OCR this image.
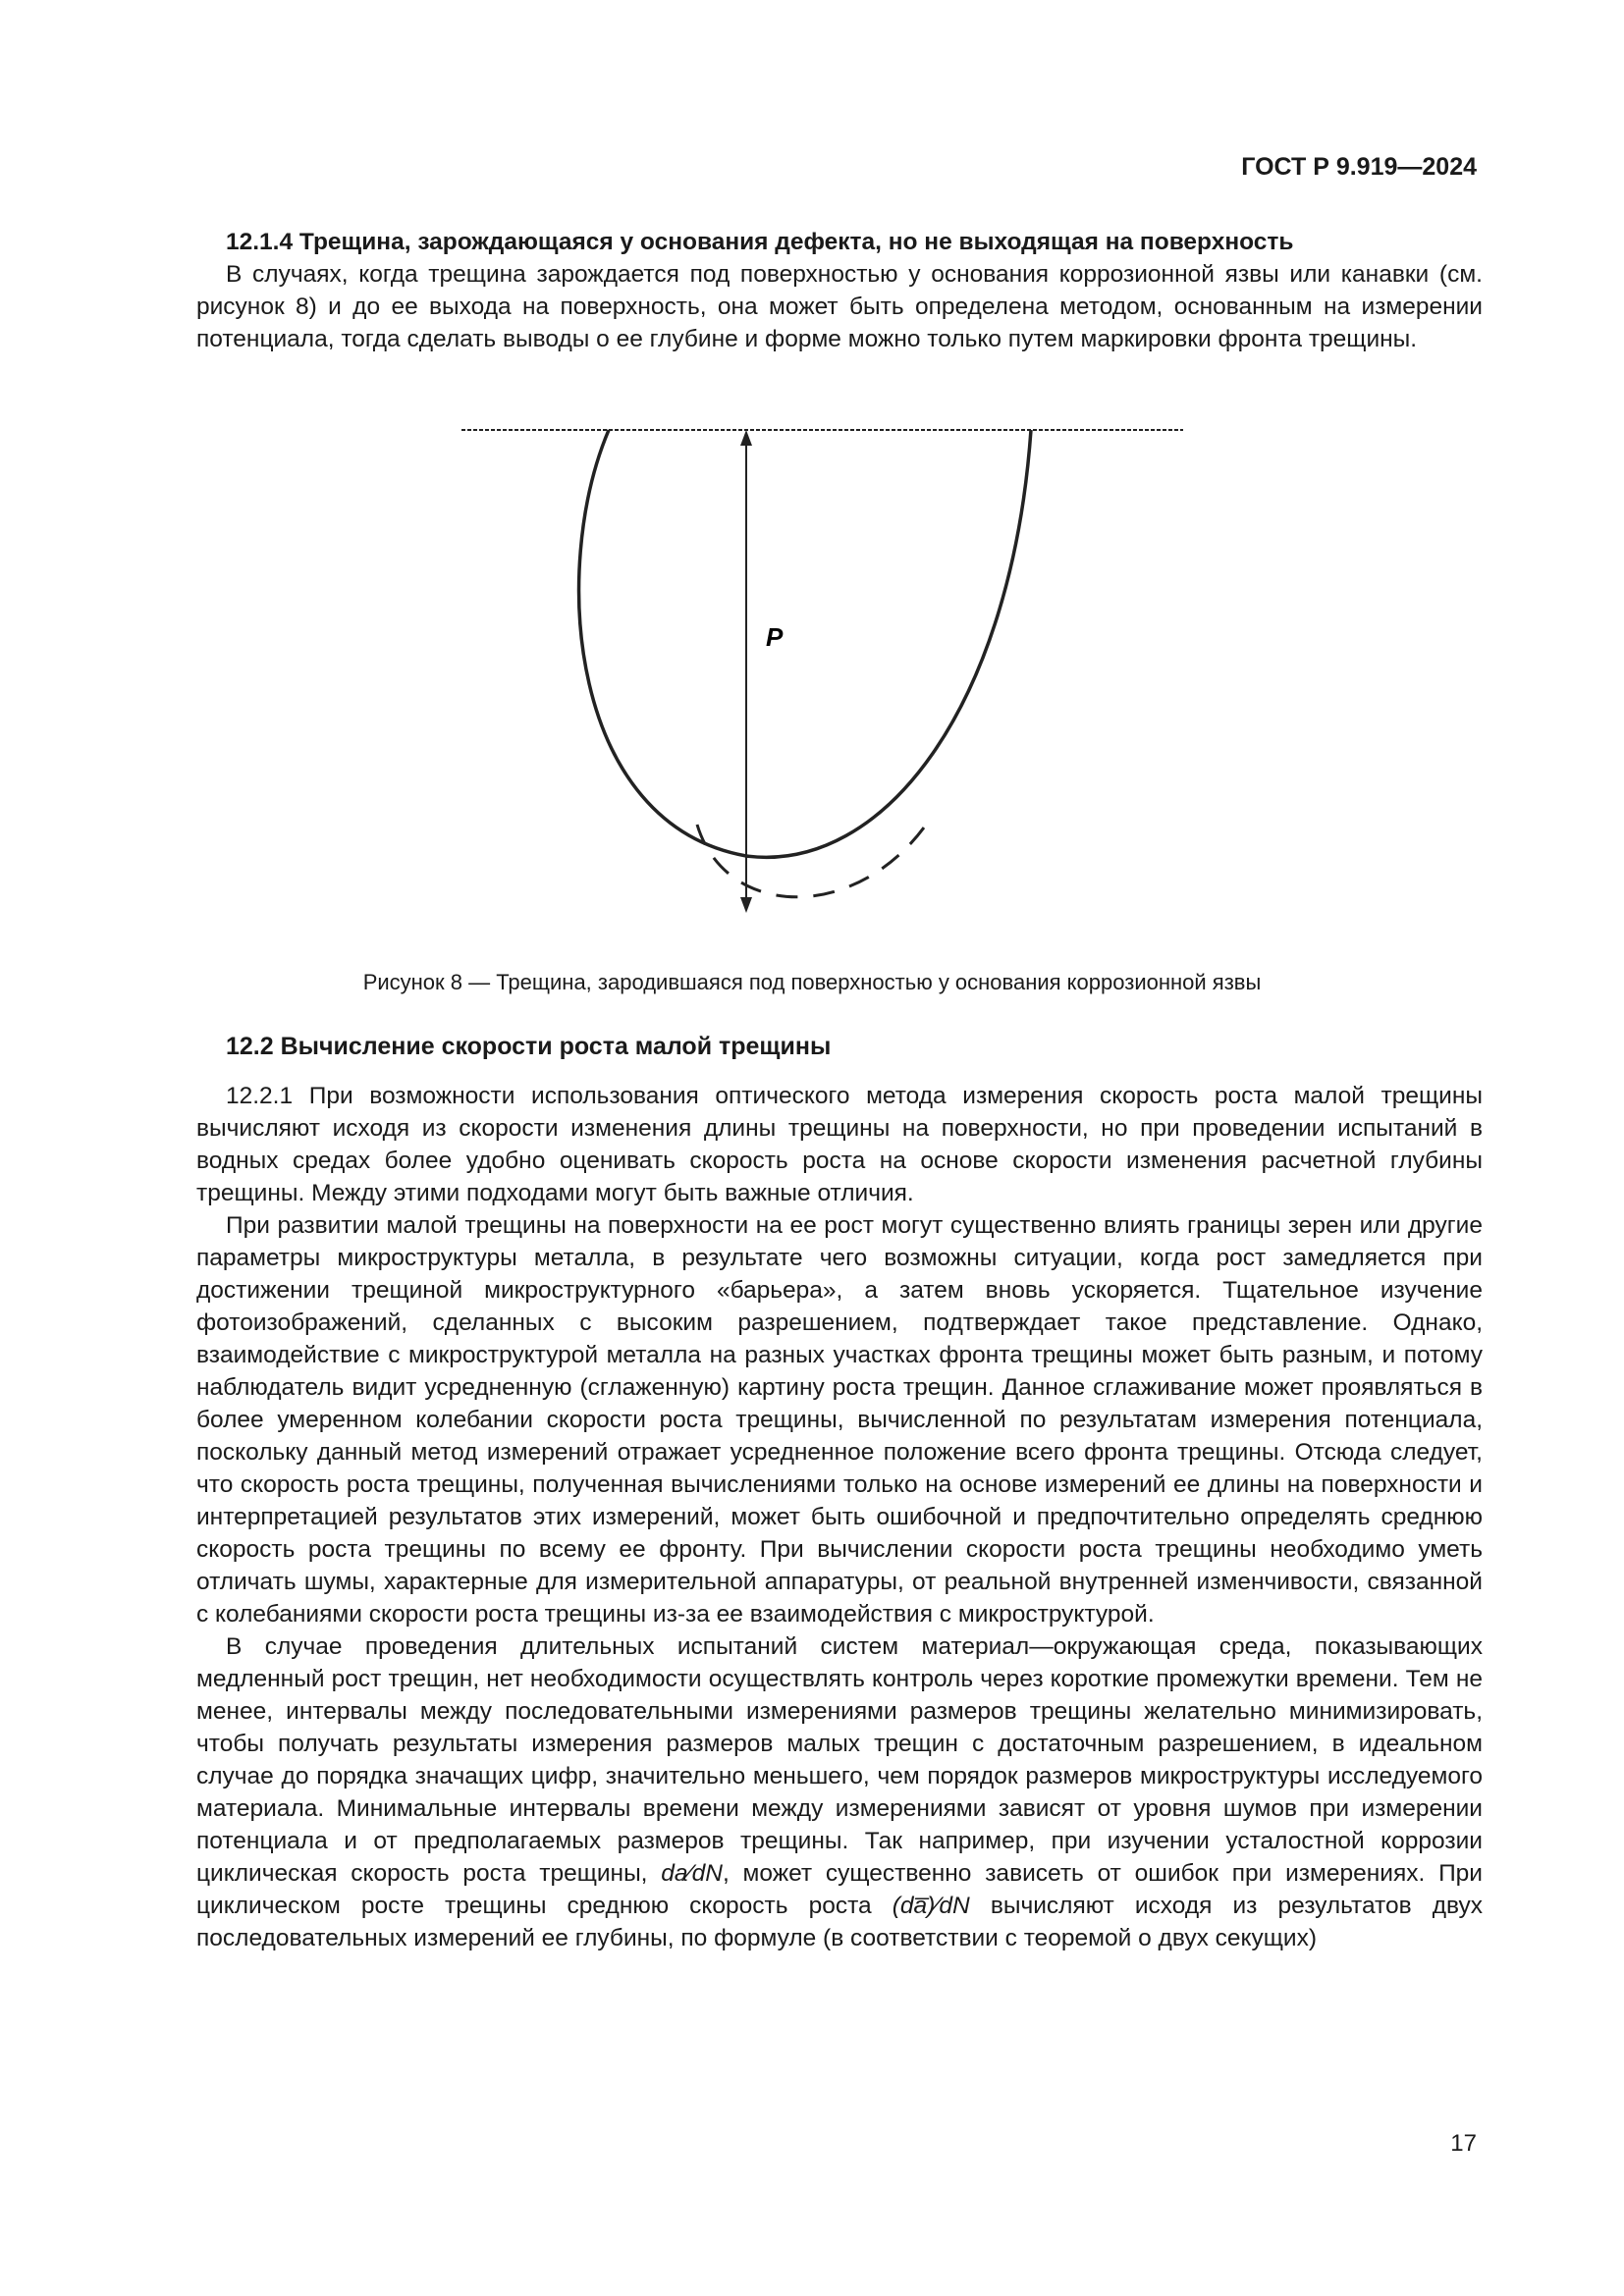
ГОСТ Р 9.919—2024
12.1.4 Трещина, зарождающаяся у основания дефекта, но не выходящая на поверхность

В случаях, когда трещина зарождается под поверхностью у основания коррозионной язвы или канавки (см. рисунок 8) и до ее выхода на поверхность, она может быть определена методом, основанным на измерении потенциала, тогда сделать выводы о ее глубине и форме можно только путем маркировки фронта трещины.

P
Рисунок 8 — Трещина, зародившаяся под поверхностью у основания коррозионной язвы
12.2 Вычисление скорости роста малой трещины

12.2.1 При возможности использования оптического метода измерения скорость роста малой трещины вычисляют исходя из скорости изменения длины трещины на поверхности, но при проведении испытаний в водных средах более удобно оценивать скорость роста на основе скорости изменения расчетной глубины трещины. Между этими подходами могут быть важные отличия.

При развитии малой трещины на поверхности на ее рост могут существенно влиять границы зерен или другие параметры микроструктуры металла, в результате чего возможны ситуации, когда рост замедляется при достижении трещиной микроструктурного «барьера», а затем вновь ускоряется. Тщательное изучение фотоизображений, сделанных с высоким разрешением, подтверждает такое представление. Однако, взаимодействие с микроструктурой металла на разных участках фронта трещины может быть разным, и потому наблюдатель видит усредненную (сглаженную) картину роста трещин. Данное сглаживание может проявляться в более умеренном колебании скорости роста трещины, вычисленной по результатам измерения потенциала, поскольку данный метод измерений отражает усредненное положение всего фронта трещины. Отсюда следует, что скорость роста трещины, полученная вычислениями только на основе измерений ее длины на поверхности и интерпретацией результатов этих измерений, может быть ошибочной и предпочтительно определять среднюю скорость роста трещины по всему ее фронту. При вычислении скорости роста трещины необходимо уметь отличать шумы, характерные для измерительной аппаратуры, от реальной внутренней изменчивости, связанной с колебаниями скорости роста трещины из-за ее взаимодействия с микроструктурой.

В случае проведения длительных испытаний систем материал—окружающая среда, показывающих медленный рост трещин, нет необходимости осуществлять контроль через короткие промежутки времени. Тем не менее, интервалы между последовательными измерениями размеров трещины желательно минимизировать, чтобы получать результаты измерения размеров малых трещин с достаточным разрешением, в идеальном случае до порядка значащих цифр, значительно меньшего, чем порядок размеров микроструктуры исследуемого материала. Минимальные интервалы времени между измерениями зависят от уровня шумов при измерении потенциала и от предполагаемых размеров трещины. Так например, при изучении усталостной коррозии циклическая скорость роста трещины, da⁄dN, может существенно зависеть от ошибок при измерениях. При циклическом росте трещины среднюю скорость роста (da̅)⁄dN вычисляют исходя из результатов двух последовательных измерений ее глубины, по формуле (в соответствии с теоремой о двух секущих)

17
